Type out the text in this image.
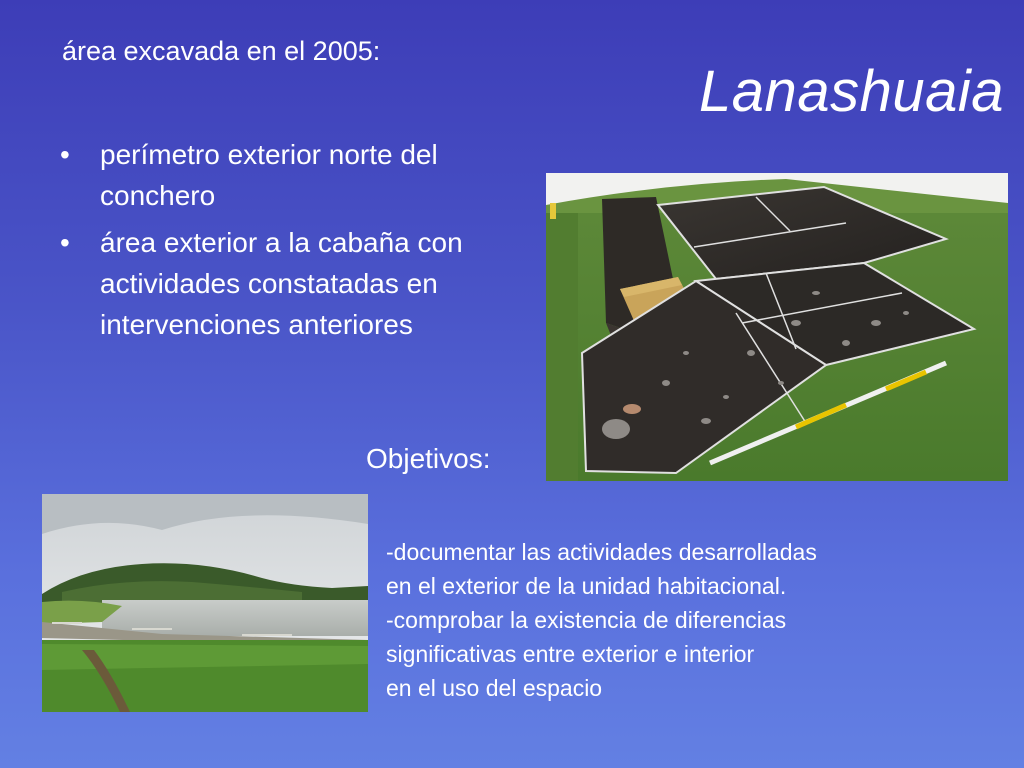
área excavada en el 2005:
Lanashuaia
• perímetro exterior norte del conchero
• área exterior a la cabaña con actividades constatadas en intervenciones anteriores
Objetivos:
-documentar las actividades desarrolladas
en el exterior de la unidad habitacional.
-comprobar la existencia de diferencias
significativas entre exterior e interior
en el uso del espacio
